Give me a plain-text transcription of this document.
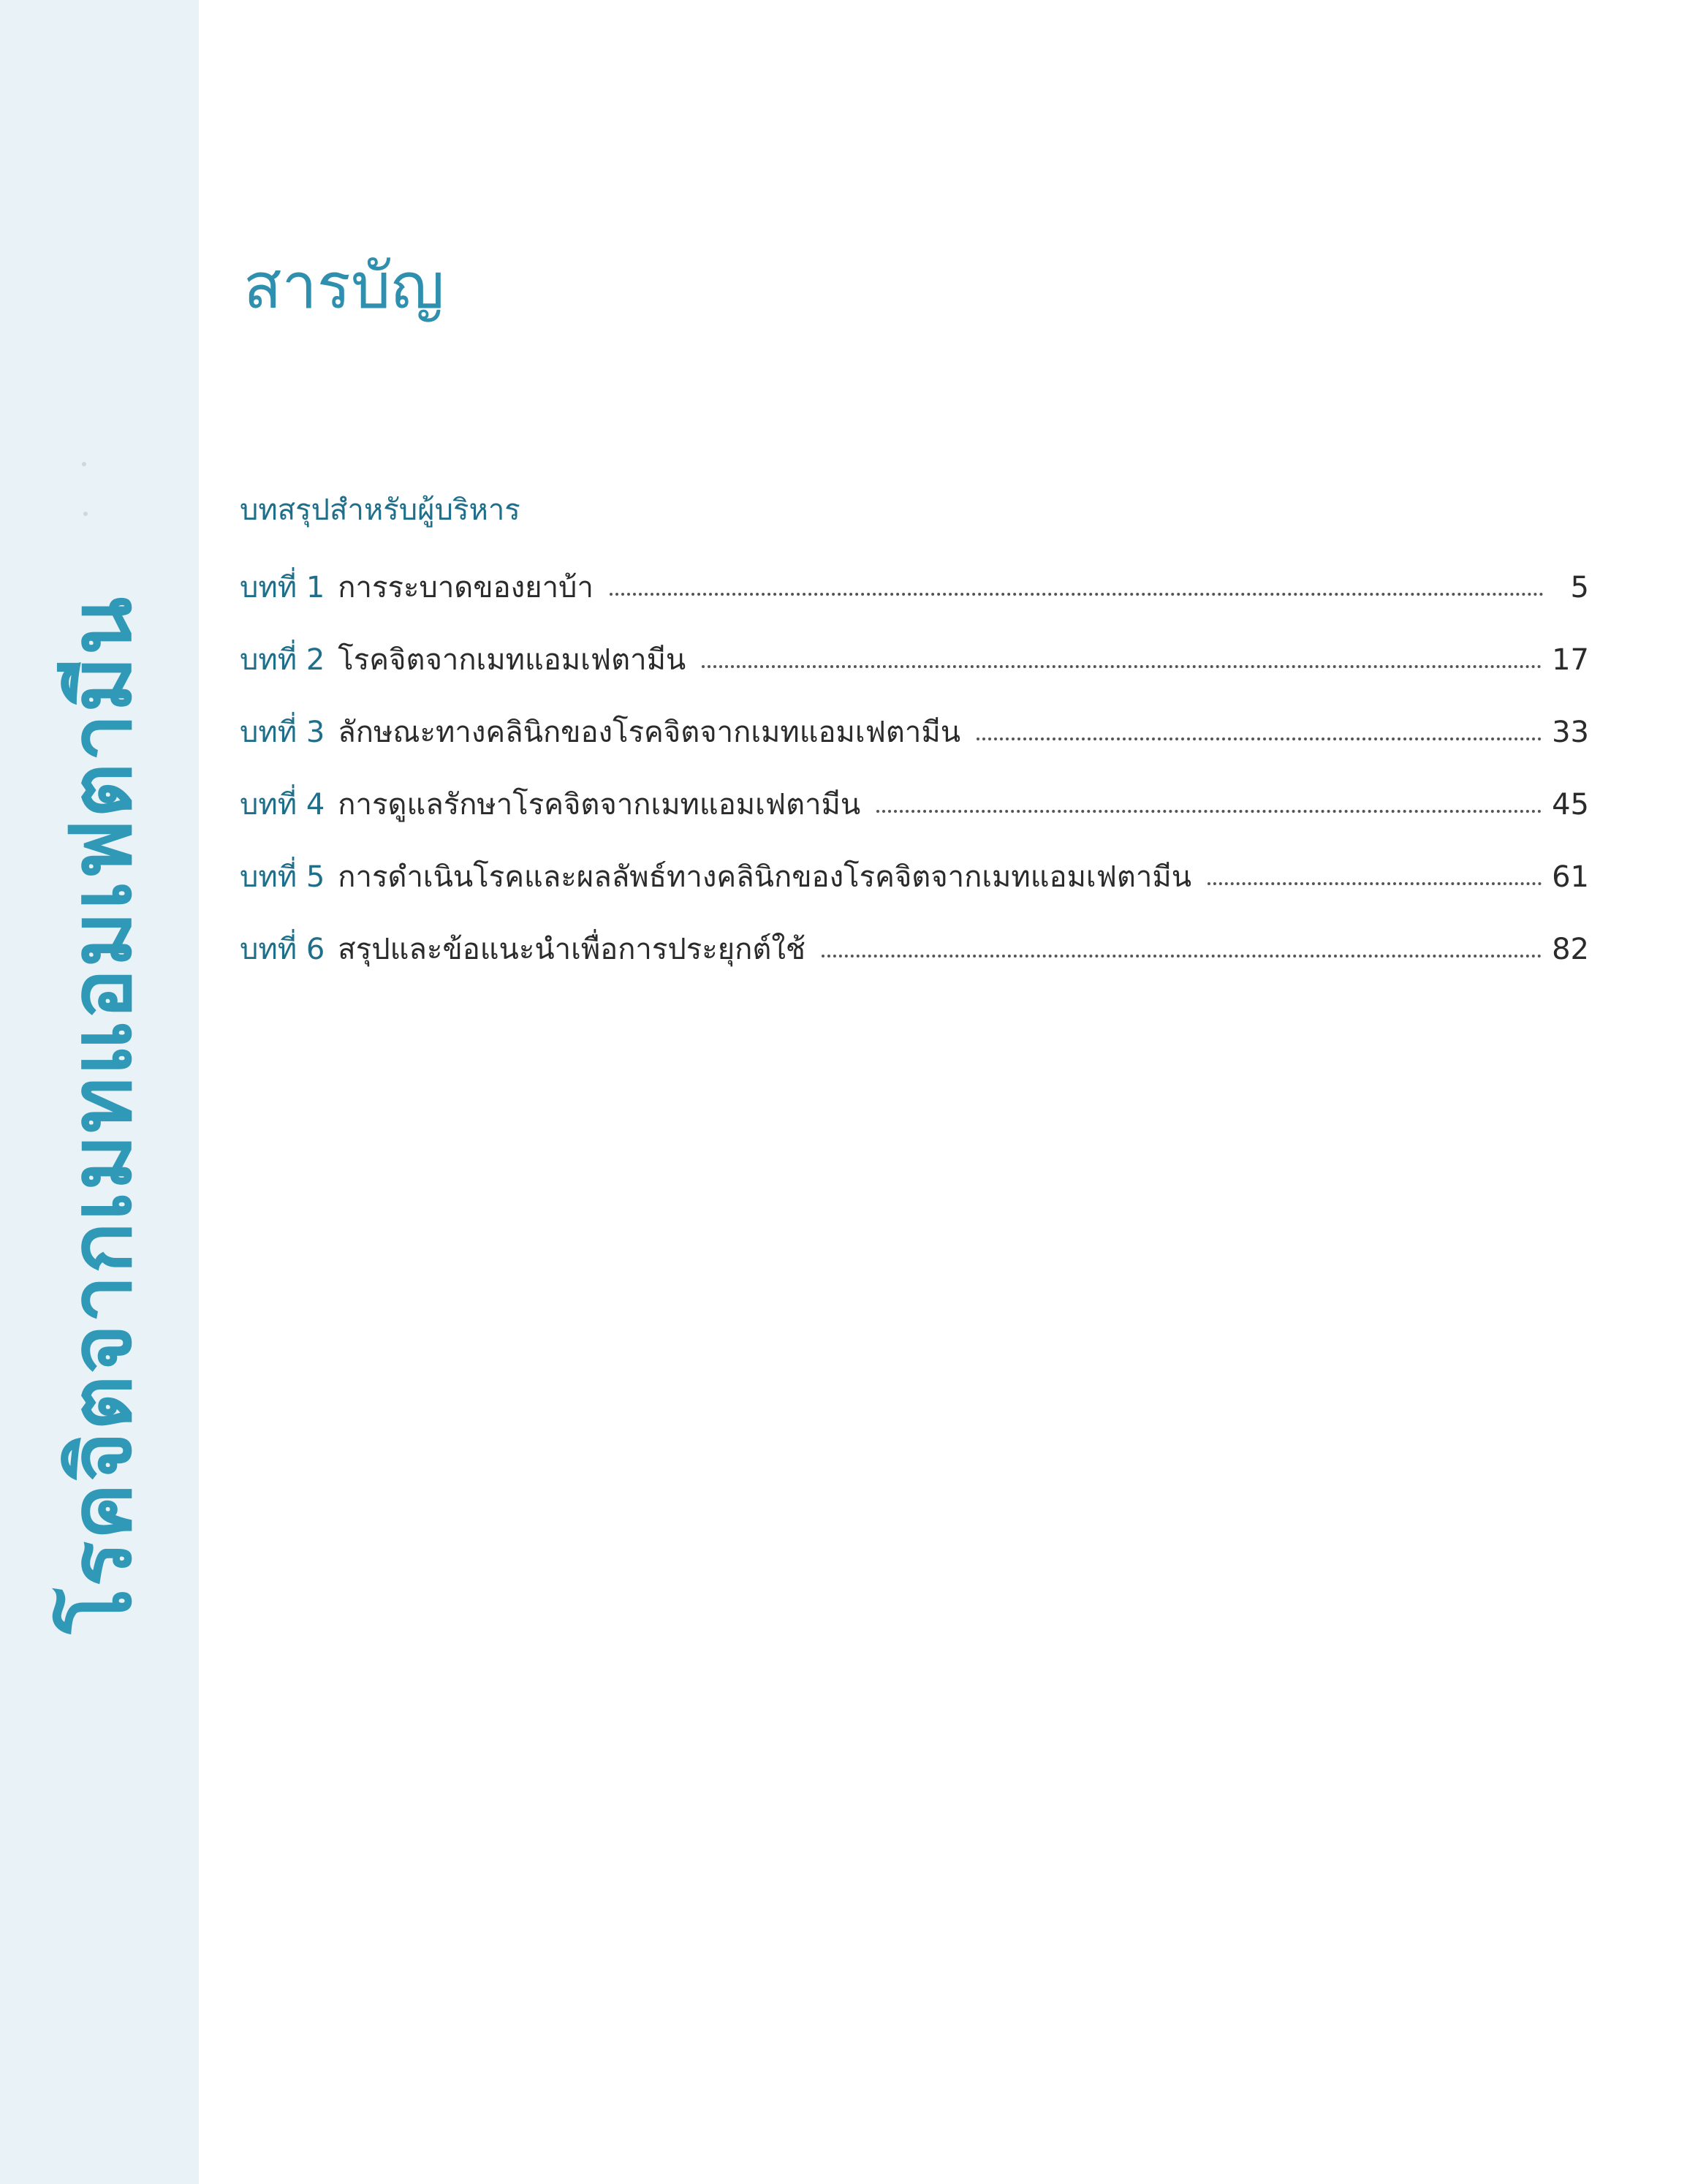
โรคจิตจากเมทแอมเฟตามีน
สารบัญ
บทสรุปสำหรับผู้บริหาร
บทที่ 1 การระบาดของยาบ้า	5
บทที่ 2 โรคจิตจากเมทแอมเฟตามีน	17
บทที่ 3 ลักษณะทางคลินิกของโรคจิตจากเมทแอมเฟตามีน	33
บทที่ 4 การดูแลรักษาโรคจิตจากเมทแอมเฟตามีน	45
บทที่ 5 การดำเนินโรคและผลลัพธ์ทางคลินิกของโรคจิตจากเมทแอมเฟตามีน	61
บทที่ 6 สรุปและข้อแนะนำเพื่อการประยุกต์ใช้	82
